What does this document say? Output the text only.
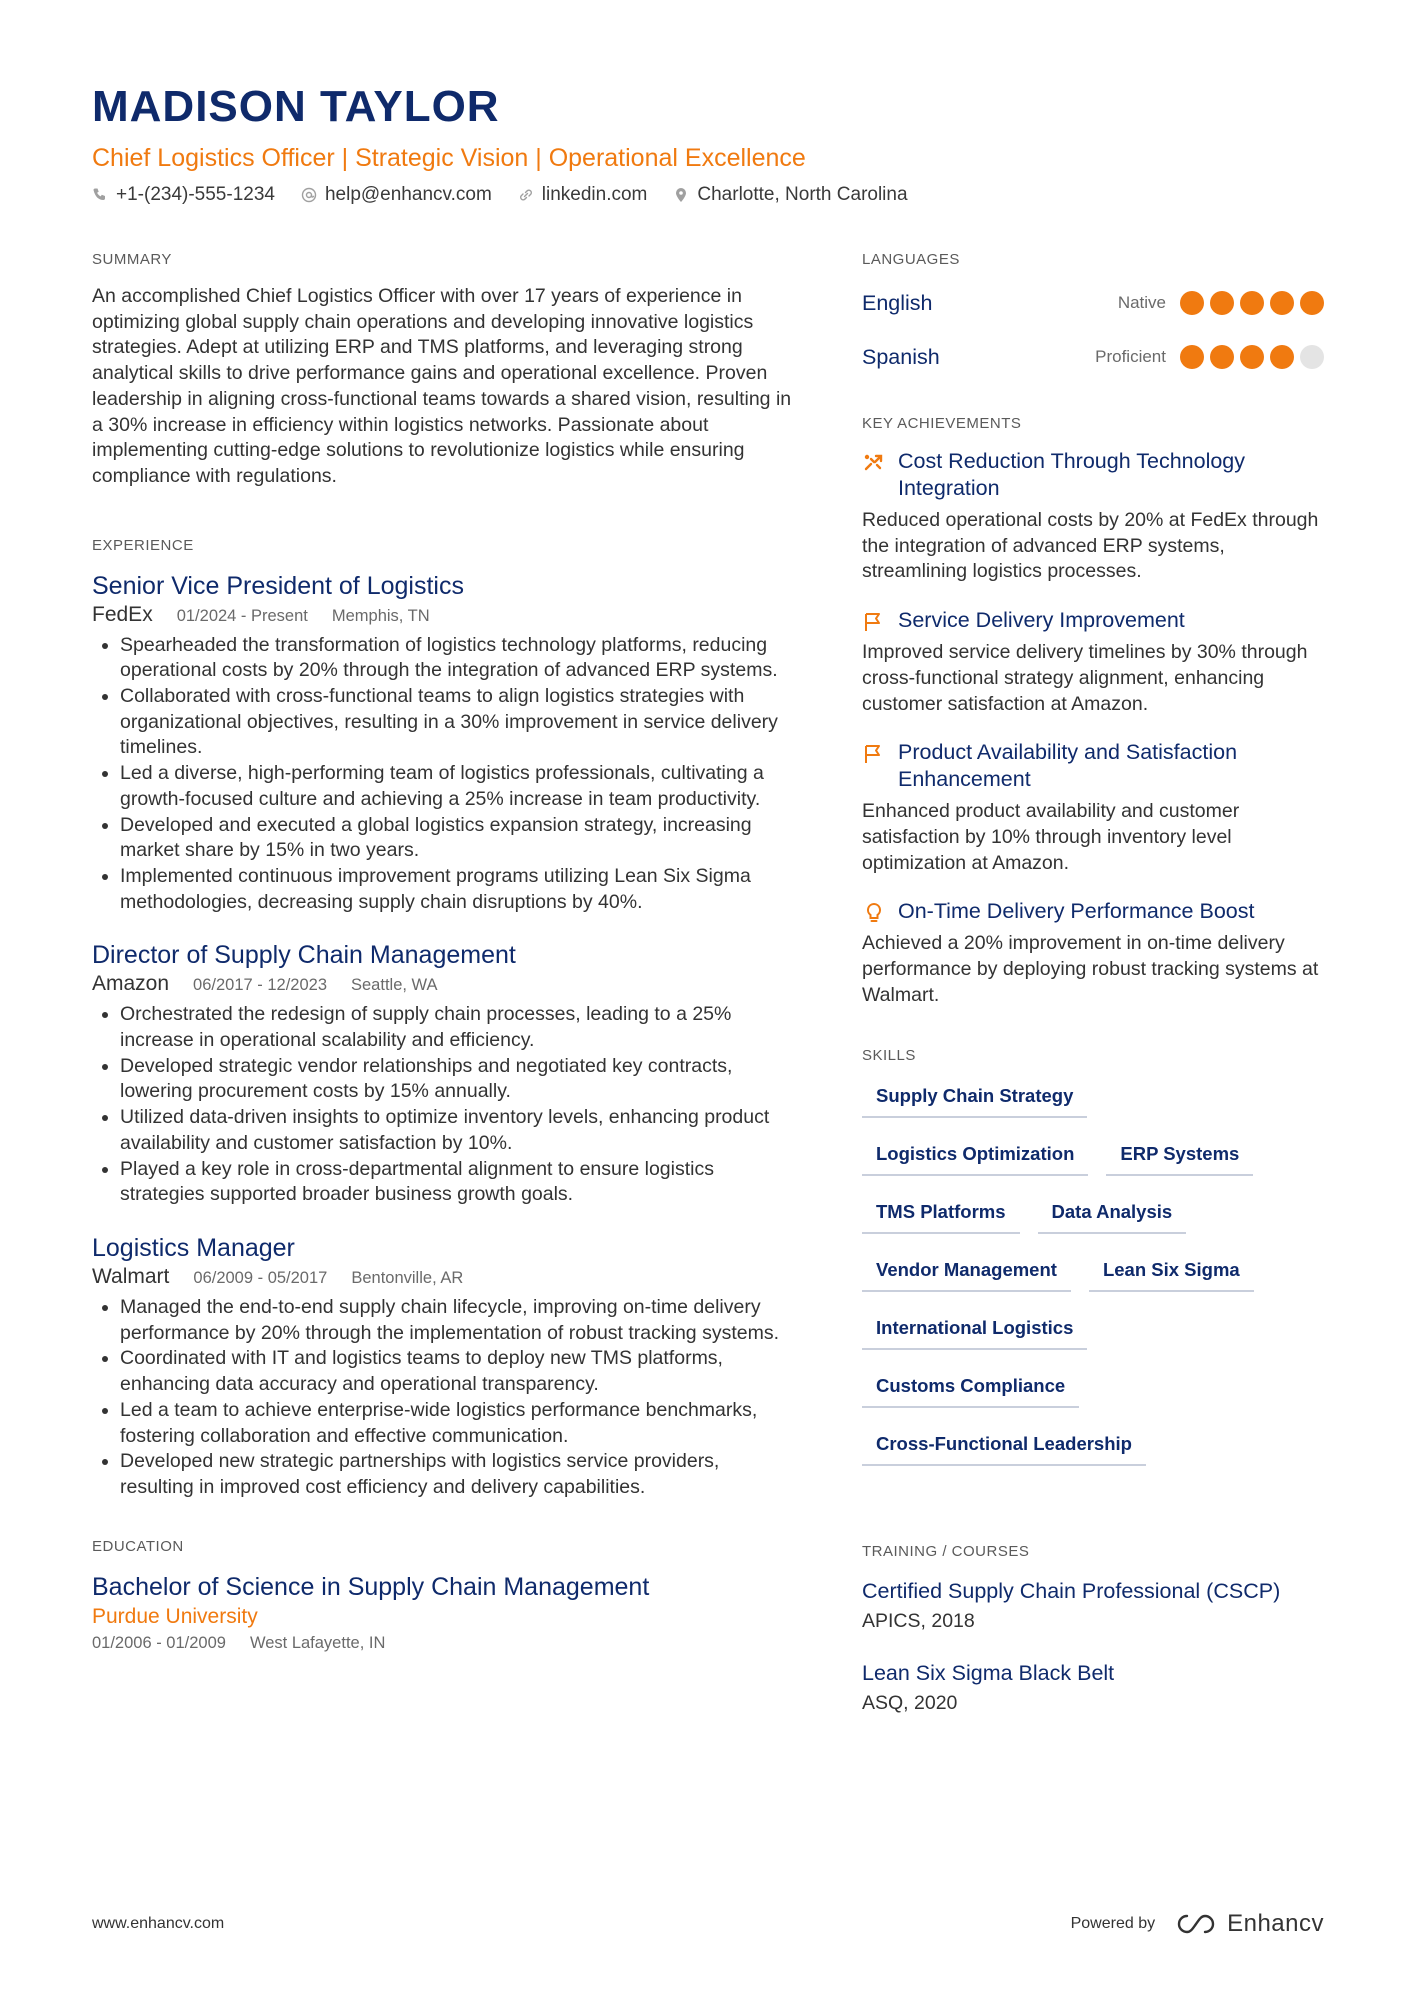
MADISON TAYLOR
Chief Logistics Officer | Strategic Vision | Operational Excellence
+1-(234)-555-1234	help@enhancv.com	linkedin.com	Charlotte, North Carolina
SUMMARY

An accomplished Chief Logistics Officer with over 17 years of experience in optimizing global supply chain operations and developing innovative logistics strategies. Adept at utilizing ERP and TMS platforms, and leveraging strong analytical skills to drive performance gains and operational excellence. Proven leadership in aligning cross-functional teams towards a shared vision, resulting in a 30% increase in efficiency within logistics networks. Passionate about implementing cutting-edge solutions to revolutionize logistics while ensuring compliance with regulations.

EXPERIENCE
Senior Vice President of Logistics
FedEx 01/2024 - Present Memphis, TN
• Spearheaded the transformation of logistics technology platforms, reducing operational costs by 20% through the integration of advanced ERP systems.
• Collaborated with cross-functional teams to align logistics strategies with organizational objectives, resulting in a 30% improvement in service delivery timelines.
• Led a diverse, high-performing team of logistics professionals, cultivating a growth-focused culture and achieving a 25% increase in team productivity.
• Developed and executed a global logistics expansion strategy, increasing market share by 15% in two years.
• Implemented continuous improvement programs utilizing Lean Six Sigma methodologies, decreasing supply chain disruptions by 40%.
Director of Supply Chain Management
Amazon 06/2017 - 12/2023 Seattle, WA
• Orchestrated the redesign of supply chain processes, leading to a 25% increase in operational scalability and efficiency.
• Developed strategic vendor relationships and negotiated key contracts, lowering procurement costs by 15% annually.
• Utilized data-driven insights to optimize inventory levels, enhancing product availability and customer satisfaction by 10%.
• Played a key role in cross-departmental alignment to ensure logistics strategies supported broader business growth goals.
Logistics Manager
Walmart 06/2009 - 05/2017 Bentonville, AR
• Managed the end-to-end supply chain lifecycle, improving on-time delivery performance by 20% through the implementation of robust tracking systems.
• Coordinated with IT and logistics teams to deploy new TMS platforms, enhancing data accuracy and operational transparency.
• Led a team to achieve enterprise-wide logistics performance benchmarks, fostering collaboration and effective communication.
• Developed new strategic partnerships with logistics service providers, resulting in improved cost efficiency and delivery capabilities.
EDUCATION
Bachelor of Science in Supply Chain Management
Purdue University
01/2006 - 01/2009 West Lafayette, IN
LANGUAGES
English	Native
Spanish	Proficient
KEY ACHIEVEMENTS
Cost Reduction Through Technology Integration
Reduced operational costs by 20% at FedEx through the integration of advanced ERP systems, streamlining logistics processes.
Service Delivery Improvement
Improved service delivery timelines by 30% through cross-functional strategy alignment, enhancing customer satisfaction at Amazon.
Product Availability and Satisfaction Enhancement
Enhanced product availability and customer satisfaction by 10% through inventory level optimization at Amazon.
On-Time Delivery Performance Boost
Achieved a 20% improvement in on-time delivery performance by deploying robust tracking systems at Walmart.
SKILLS
Supply Chain Strategy
Logistics Optimization	ERP Systems
TMS Platforms	Data Analysis
Vendor Management	Lean Six Sigma
International Logistics
Customs Compliance
Cross-Functional Leadership
TRAINING / COURSES
Certified Supply Chain Professional (CSCP)
APICS, 2018
Lean Six Sigma Black Belt
ASQ, 2020
www.enhancv.com	Powered by	Enhancv
